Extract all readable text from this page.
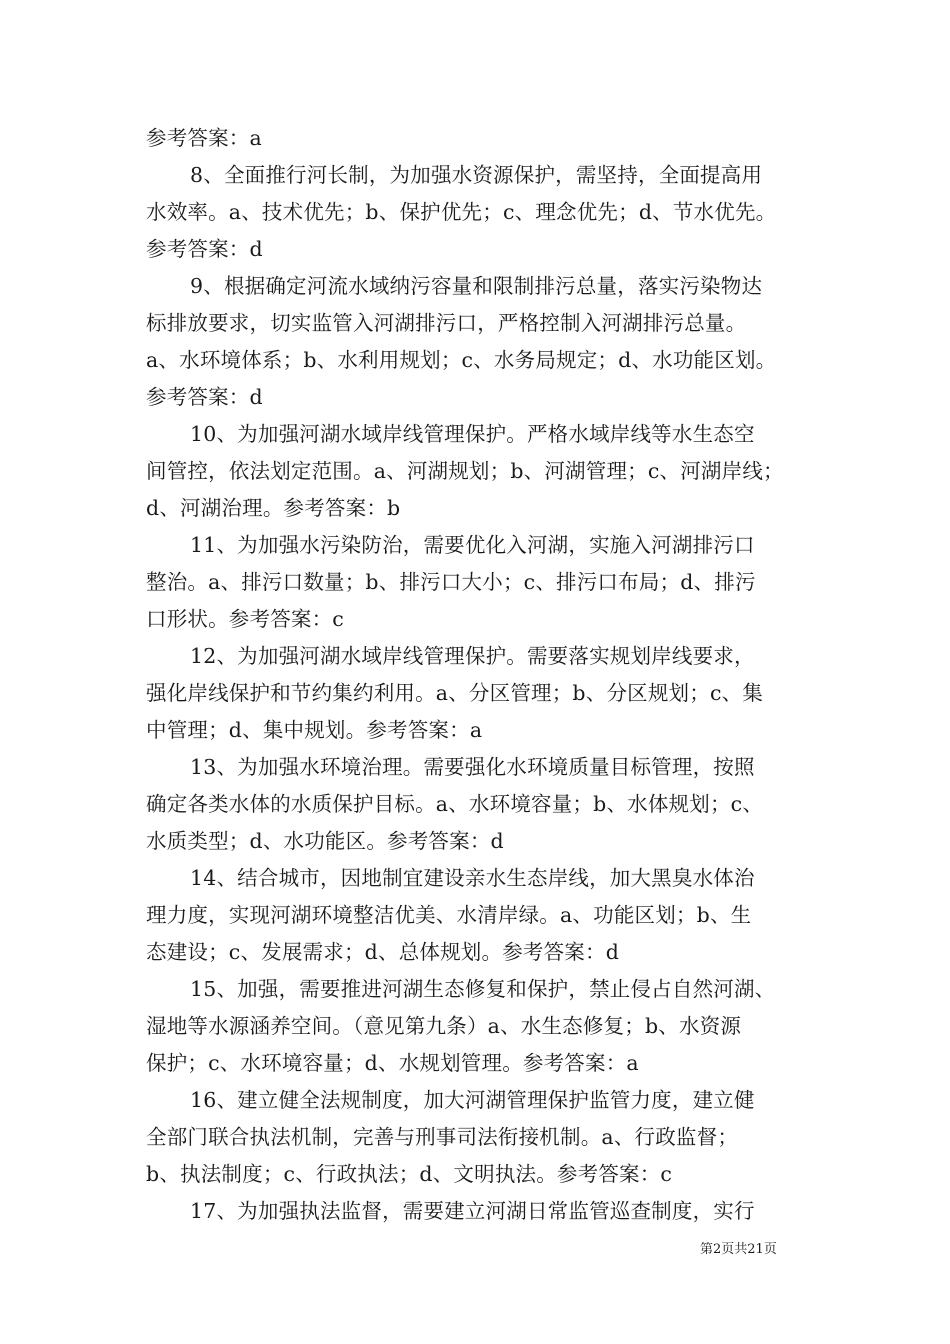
参考答案：a
8、全面推行河长制，为加强水资源保护，需坚持，全面提高用
水效率。a、技术优先；b、保护优先；c、理念优先；d、节水优先。
参考答案：d
9、根据确定河流水域纳污容量和限制排污总量，落实污染物达
标排放要求，切实监管入河湖排污口，严格控制入河湖排污总量。
a、水环境体系；b、水利用规划；c、水务局规定；d、水功能区划。
参考答案：d
10、为加强河湖水域岸线管理保护。严格水域岸线等水生态空
间管控，依法划定范围。a、河湖规划；b、河湖管理；c、河湖岸线；
d、河湖治理。参考答案：b
11、为加强水污染防治，需要优化入河湖，实施入河湖排污口
整治。a、排污口数量；b、排污口大小；c、排污口布局；d、排污
口形状。参考答案：c
12、为加强河湖水域岸线管理保护。需要落实规划岸线要求，
强化岸线保护和节约集约利用。a、分区管理；b、分区规划；c、集
中管理；d、集中规划。参考答案：a
13、为加强水环境治理。需要强化水环境质量目标管理，按照
确定各类水体的水质保护目标。a、水环境容量；b、水体规划；c、
水质类型；d、水功能区。参考答案：d
14、结合城市，因地制宜建设亲水生态岸线，加大黑臭水体治
理力度，实现河湖环境整洁优美、水清岸绿。a、功能区划；b、生
态建设；c、发展需求；d、总体规划。参考答案：d
15、加强，需要推进河湖生态修复和保护，禁止侵占自然河湖、
湿地等水源涵养空间。（意见第九条）a、水生态修复；b、水资源
保护；c、水环境容量；d、水规划管理。参考答案：a
16、建立健全法规制度，加大河湖管理保护监管力度，建立健
全部门联合执法机制，完善与刑事司法衔接机制。a、行政监督；
b、执法制度；c、行政执法；d、文明执法。参考答案：c
17、为加强执法监督，需要建立河湖日常监管巡查制度，实行
第2页共21页
